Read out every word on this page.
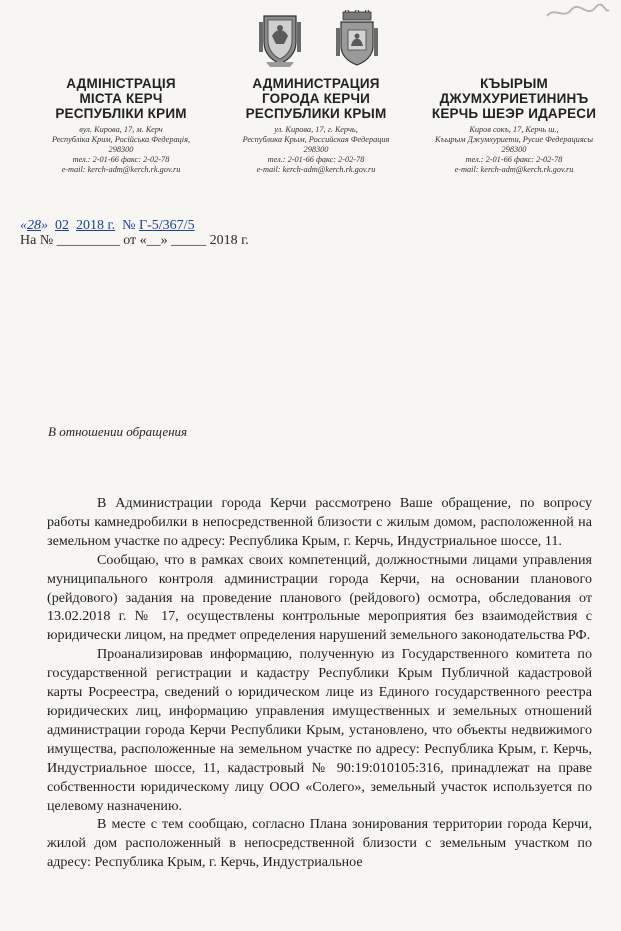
АДМІНІСТРАЦІЯ
МІСТА КЕРЧ
РЕСПУБЛІКИ КРИМ
вул. Кирова, 17, м. Керч
Республіка Крим, Російська Федерація,
298300
тел.: 2-01-66 факс: 2-02-78
e-mail: kerch-adm@kerch.rk.gov.ru
АДМИНИСТРАЦИЯ
ГОРОДА КЕРЧИ
РЕСПУБЛИКИ КРЫМ
ул. Кирова, 17, г. Керчь,
Республика Крым, Российская Федерация
298300
тел.: 2-01-66 факс: 2-02-78
e-mail: kerch-adm@kerch.rk.gov.ru
КЪЫРЫМ
ДЖУМХУРИЕТИНИНЪ
КЕРЧЬ ШЕЭР ИДАРЕСИ
Киров сокъ, 17, Керчь ш.,
Къырым Джумхуриети, Русие Федерациясы
298300
тел.: 2-01-66 факс: 2-02-78
e-mail: kerch-adm@kerch.rk.gov.ru
«28» 02 2018 г. № Г-5/367/5
На № _________ от «__» _____ 2018 г.
В отношении обращения

В Администрации города Керчи рассмотрено Ваше обращение, по вопросу работы камнедробилки в непосредственной близости с жилым домом, расположенной на земельном участке по адресу: Республика Крым, г. Керчь, Индустриальное шоссе, 11.

Сообщаю, что в рамках своих компетенций, должностными лицами управления муниципального контроля администрации города Керчи, на основании планового (рейдового) задания на проведение планового (рейдового) осмотра, обследования от 13.02.2018 г. № 17, осуществлены контрольные мероприятия без взаимодействия с юридически лицом, на предмет определения нарушений земельного законодательства РФ.

Проанализировав информацию, полученную из Государственного комитета по государственной регистрации и кадастру Республики Крым Публичной кадастровой карты Росреестра, сведений о юридическом лице из Единого государственного реестра юридических лиц, информацию управления имущественных и земельных отношений администрации города Керчи Республики Крым, установлено, что объекты недвижимого имущества, расположенные на земельном участке по адресу: Республика Крым, г. Керчь, Индустриальное шоссе, 11, кадастровый № 90:19:010105:316, принадлежат на праве собственности юридическому лицу ООО «Солего», земельный участок используется по целевому назначению.

В месте с тем сообщаю, согласно Плана зонирования территории города Керчи, жилой дом расположенный в непосредственной близости с земельным участком по адресу: Республика Крым, г. Керчь, Индустриальное
